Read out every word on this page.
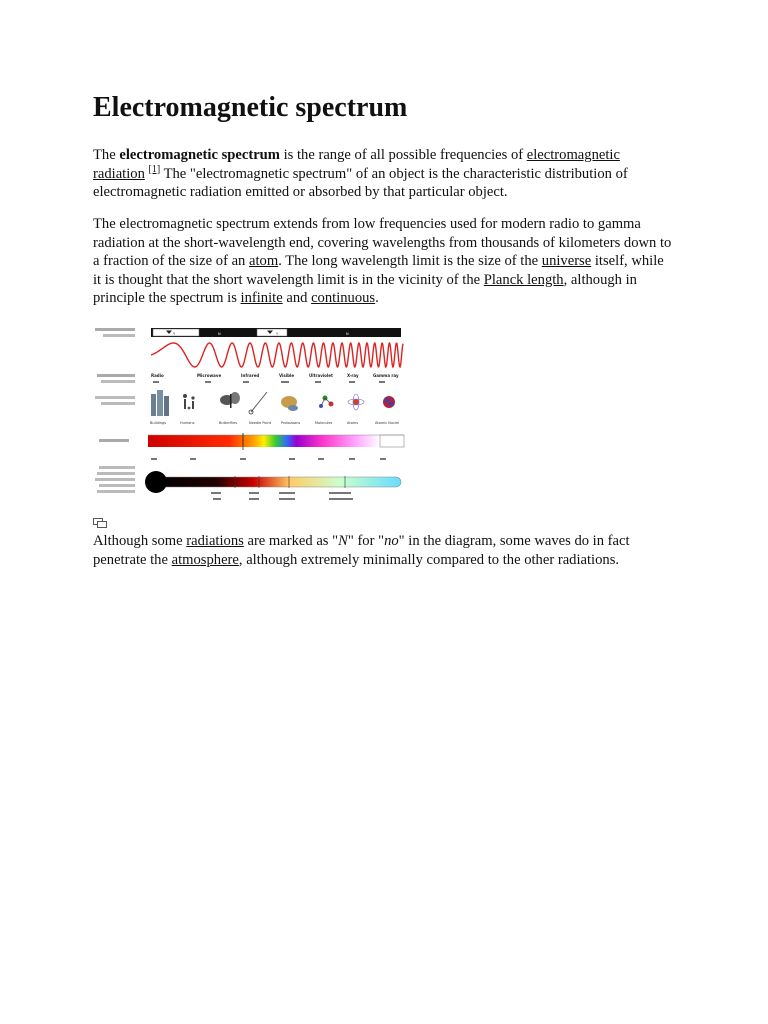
Electromagnetic spectrum

The electromagnetic spectrum is the range of all possible frequencies of electromagnetic radiation [1] The "electromagnetic spectrum" of an object is the characteristic distribution of electromagnetic radiation emitted or absorbed by that particular object.

The electromagnetic spectrum extends from low frequencies used for modern radio to gamma radiation at the short-wavelength end, covering wavelengths from thousands of kilometers down to a fraction of the size of an atom. The long wavelength limit is the size of the universe itself, while it is thought that the short wavelength limit is in the vicinity of the Planck length, although in principle the spectrum is infinite and continuous.

Y	N	Y	N
Radio	Microwave	Infrared	Visible	Ultraviolet	X-ray	Gamma ray
Buildings	Humans	Butterflies	Needle Point	Protozoans	Molecules	Atoms	Atomic Nuclei

Although some radiations are marked as "N" for "no" in the diagram, some waves do in fact penetrate the atmosphere, although extremely minimally compared to the other radiations.
